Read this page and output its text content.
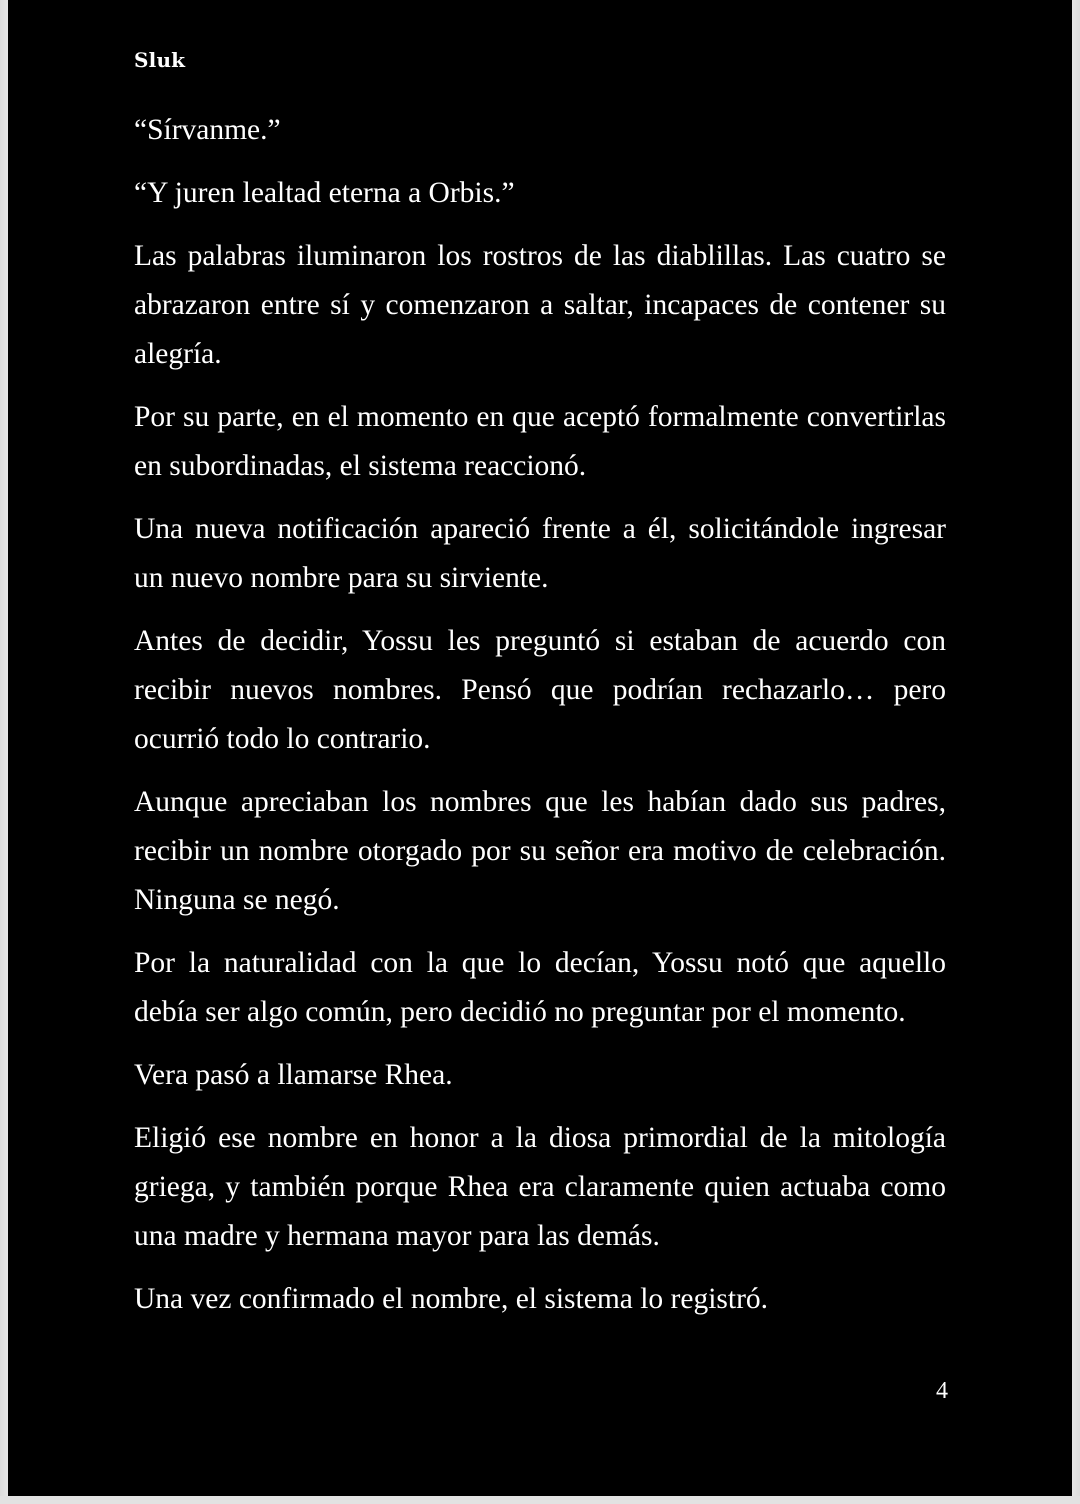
Sluk

“Sírvanme.”

“Y juren lealtad eterna a Orbis.”

Las palabras iluminaron los rostros de las diablillas. Las cuatro se abrazaron entre sí y comenzaron a saltar, incapaces de contener su alegría.

Por su parte, en el momento en que aceptó formalmente convertirlas en subordinadas, el sistema reaccionó.

Una nueva notificación apareció frente a él, solicitándole ingresar un nuevo nombre para su sirviente.

Antes de decidir, Yossu les preguntó si estaban de acuerdo con recibir nuevos nombres. Pensó que podrían rechazarlo… pero ocurrió todo lo contrario.

Aunque apreciaban los nombres que les habían dado sus padres, recibir un nombre otorgado por su señor era motivo de celebración. Ninguna se negó.

Por la naturalidad con la que lo decían, Yossu notó que aquello debía ser algo común, pero decidió no preguntar por el momento.

Vera pasó a llamarse Rhea.

Eligió ese nombre en honor a la diosa primordial de la mitología griega, y también porque Rhea era claramente quien actuaba como una madre y hermana mayor para las demás.

Una vez confirmado el nombre, el sistema lo registró.

4
